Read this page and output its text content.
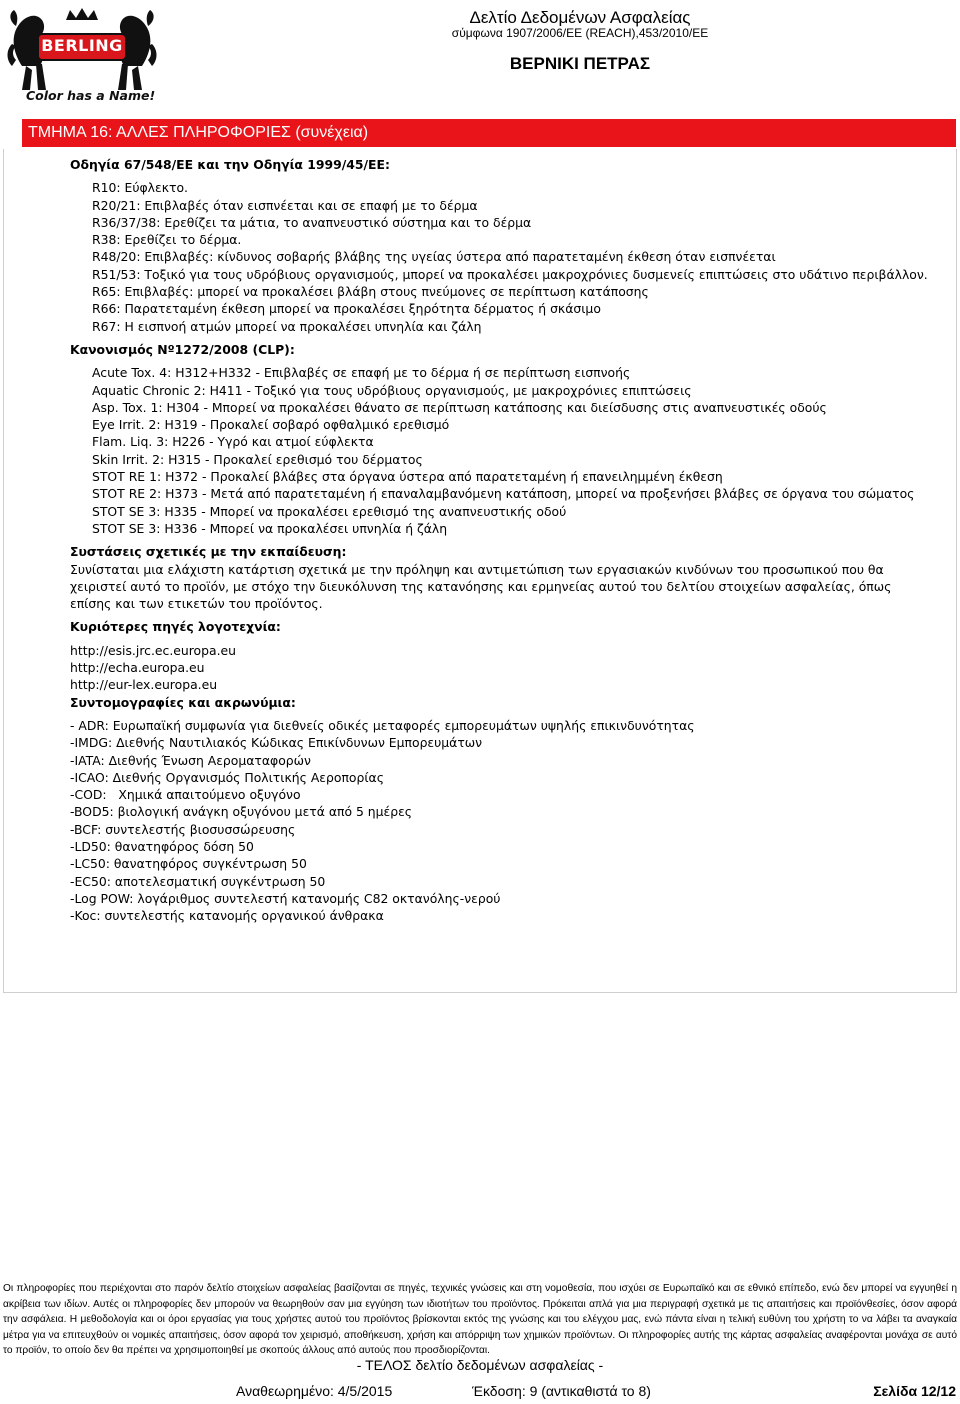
BERLING
Color has a Name!
Δελτίο Δεδομένων Ασφαλείας
σύμφωνα 1907/2006/ΕΕ (REACH),453/2010/ΕΕ
ΒΕΡΝΙΚΙ ΠΕΤΡΑΣ
ΤΜΗΜΑ 16: ΑΛΛΕΣ ΠΛΗΡΟΦΟΡΙΕΣ (συνέχεια)

Οδηγία 67/548/ΕΕ και την Οδηγία 1999/45/ΕΕ:

R10: Εύφλεκτο.

R20/21: Επιβλαβές όταν εισπνέεται και σε επαφή με το δέρμα

R36/37/38: Ερεθίζει τα μάτια, το αναπνευστικό σύστημα και το δέρμα

R38: Ερεθίζει το δέρμα.

R48/20: Επιβλαβές: κίνδυνος σοβαρής βλάβης της υγείας ύστερα από παρατεταμένη έκθεση όταν εισπνέεται

R51/53: Τοξικό για τους υδρόβιους οργανισμούς, μπορεί να προκαλέσει μακροχρόνιες δυσμενείς επιπτώσεις στο υδάτινο περιβάλλον.

R65: Επιβλαβές: μπορεί να προκαλέσει βλάβη στους πνεύμονες σε περίπτωση κατάποσης

R66: Παρατεταμένη έκθεση μπορεί να προκαλέσει ξηρότητα δέρματος ή σκάσιμο

R67: Η εισπνοή ατμών μπορεί να προκαλέσει υπνηλία και ζάλη

Κανονισμός Nº1272/2008 (CLP):

Acute Tox. 4: H312+H332 - Επιβλαβές σε επαφή με το δέρμα ή σε περίπτωση εισπνοής

Aquatic Chronic 2: H411 - Τοξικό για τους υδρόβιους οργανισμούς, με μακροχρόνιες επιπτώσεις

Asp. Tox. 1: H304 - Μπορεί να προκαλέσει θάνατο σε περίπτωση κατάποσης και διείσδυσης στις αναπνευστικές οδούς

Eye Irrit. 2: H319 - Προκαλεί σοβαρό οφθαλμικό ερεθισμό

Flam. Liq. 3: H226 - Υγρό και ατμοί εύφλεκτα

Skin Irrit. 2: H315 - Προκαλεί ερεθισμό του δέρματος

STOT RE 1: H372 - Προκαλεί βλάβες στα όργανα ύστερα από παρατεταμένη ή επανειλημμένη έκθεση

STOT RE 2: H373 - Μετά από παρατεταμένη ή επαναλαμβανόμενη κατάποση, μπορεί να προξενήσει βλάβες σε όργανα του σώματος

STOT SE 3: H335 - Μπορεί να προκαλέσει ερεθισμό της αναπνευστικής οδού

STOT SE 3: H336 - Μπορεί να προκαλέσει υπνηλία ή ζάλη

Συστάσεις σχετικές με την εκπαίδευση:

Συνίσταται μια ελάχιστη κατάρτιση σχετικά με την πρόληψη και αντιμετώπιση των εργασιακών κινδύνων του προσωπικού που θα χειριστεί αυτό το προϊόν, με στόχο την διευκόλυνση της κατανόησης και ερμηνείας αυτού του δελτίου στοιχείων ασφαλείας, όπως επίσης και των ετικετών του προϊόντος.

Κυριότερες πηγές λογοτεχνία:

http://esis.jrc.ec.europa.eu

http://echa.europa.eu

http://eur-lex.europa.eu

Συντομογραφίες και ακρωνύμια:

- ADR: Ευρωπαϊκή συμφωνία για διεθνείς οδικές μεταφορές εμπορευμάτων υψηλής επικινδυνότητας

-IMDG: Διεθνής Ναυτιλιακός Κώδικας Επικίνδυνων Εμπορευμάτων

-IATA: Διεθνής Ένωση Αεροματαφορών

-ICAO: Διεθνής Οργανισμός Πολιτικής Αεροπορίας

-COD:   Χημικά απαιτούμενο οξυγόνο

-BOD5: βιολογική ανάγκη οξυγόνου μετά από 5 ημέρες

-BCF: συντελεστής βιοσυσσώρευσης

-LD50: θανατηφόρος δόση 50

-LC50: θανατηφόρος συγκέντρωση 50

-EC50: αποτελεσματική συγκέντρωση 50

-Log POW: λογάριθμος συντελεστή κατανομής C82 οκτανόλης-νερού

-Koc: συντελεστής κατανομής οργανικού άνθρακα

Οι πληροφορίες που περιέχονται στο παρόν δελτίο στοιχείων ασφαλείας βασίζονται σε πηγές, τεχνικές γνώσεις και στη νομοθεσία, που ισχύει σε Ευρωπαϊκό και σε εθνικό επίπεδο, ενώ δεν μπορεί να εγγυηθεί η ακρίβεια των ιδίων. Αυτές οι πληροφορίες δεν μπορούν να θεωρηθούν σαν μια εγγύηση των ιδιοτήτων του προϊόντος. Πρόκειται απλά για μια περιγραφή σχετικά με τις απαιτήσεις και προϊόνθεσίες, όσον αφορά την ασφάλεια. Η μεθοδολογία και οι όροι εργασίας για τους χρήστες αυτού του προϊόντος βρίσκονται εκτός της γνώσης και του ελέγχου μας, ενώ πάντα είναι η τελική ευθύνη του χρήστη το να λάβει τα αναγκαία μέτρα για να επιτευχθούν οι νομικές απαιτήσεις, όσον αφορά τον χειρισμό, αποθήκευση, χρήση και απόρριψη των χημικών προϊόντων. Οι πληροφορίες αυτής της κάρτας ασφαλείας αναφέρονται μονάχα σε αυτό το προϊόν, το οποίο δεν θα πρέπει να χρησιμοποιηθεί με σκοπούς άλλους από αυτούς που προσδιορίζονται.
- ΤΕΛΟΣ δελτίο δεδομένων ασφαλείας -
Αναθεωρημένο: 4/5/2015	Έκδοση: 9 (αντικαθιστά το 8)	Σελίδα 12/12
